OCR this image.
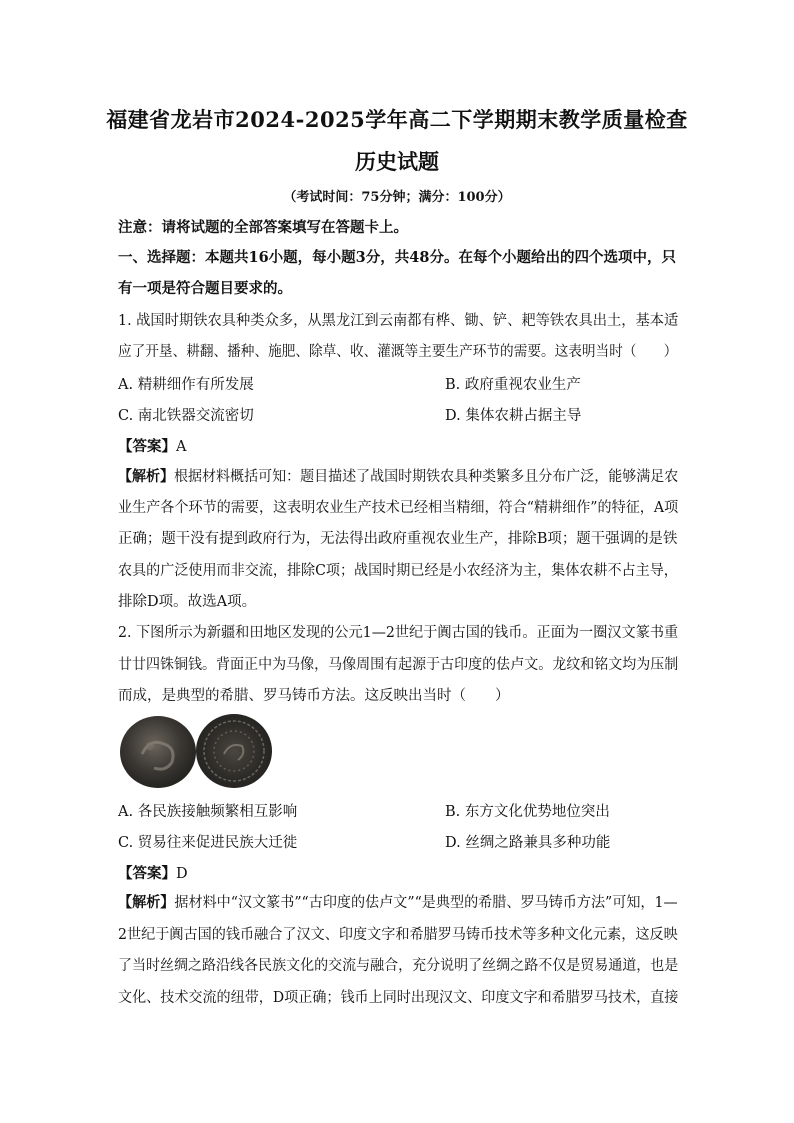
福建省龙岩市2024-2025学年高二下学期期末教学质量检查
历史试题
（考试时间：75分钟；满分：100分）
注意：请将试题的全部答案填写在答题卡上。
一、选择题：本题共16小题，每小题3分，共48分。在每个小题给出的四个选项中，只
有一项是符合题目要求的。
1. 战国时期铁农具种类众多，从黑龙江到云南都有桦、锄、铲、耙等铁农具出土，基本适
应了开垦、耕翻、播种、施肥、除草、收、灌溉等主要生产环节的需要。这表明当时（　　）
A. 精耕细作有所发展	B. 政府重视农业生产
C. 南北铁器交流密切	D. 集体农耕占据主导
【答案】A
【解析】根据材料概括可知：题目描述了战国时期铁农具种类繁多且分布广泛，能够满足农
业生产各个环节的需要，这表明农业生产技术已经相当精细，符合“精耕细作”的特征，A项
正确；题干没有提到政府行为，无法得出政府重视农业生产，排除B项；题干强调的是铁
农具的广泛使用而非交流，排除C项；战国时期已经是小农经济为主，集体农耕不占主导，
排除D项。故选A项。
2. 下图所示为新疆和田地区发现的公元1—2世纪于阗古国的钱币。正面为一圈汉文篆书重
廿廿四铢铜钱。背面正中为马像，马像周围有起源于古印度的佉卢文。龙纹和铭文均为压制
而成，是典型的希腊、罗马铸币方法。这反映出当时（　　）
A. 各民族接触频繁相互影响	B. 东方文化优势地位突出
C. 贸易往来促进民族大迁徙	D. 丝绸之路兼具多种功能
【答案】D
【解析】据材料中“汉文篆书”“古印度的佉卢文”“是典型的希腊、罗马铸币方法”可知，1—
2世纪于阗古国的钱币融合了汉文、印度文字和希腊罗马铸币技术等多种文化元素，这反映
了当时丝绸之路沿线各民族文化的交流与融合，充分说明了丝绸之路不仅是贸易通道，也是
文化、技术交流的纽带，D项正确；钱币上同时出现汉文、印度文字和希腊罗马技术，直接
